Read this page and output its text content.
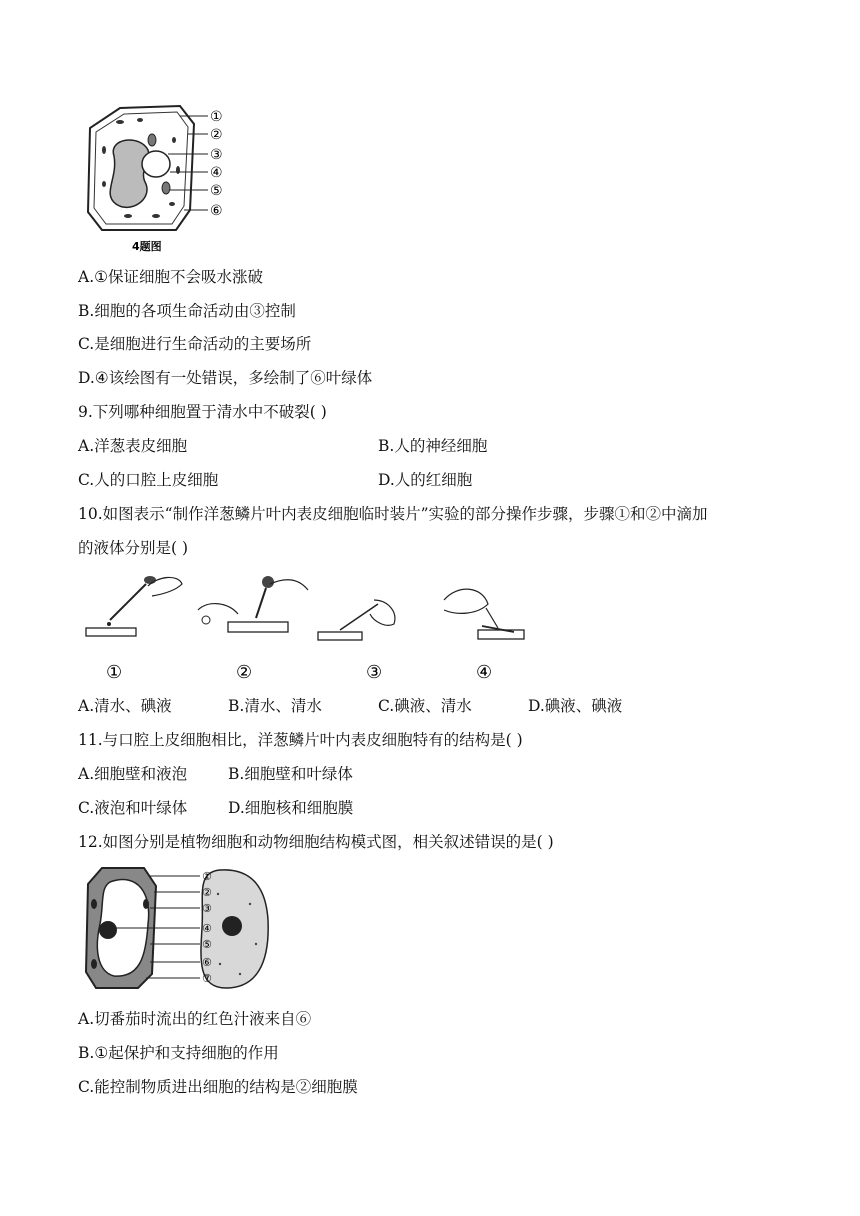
①
②
③
④
⑤
⑥
4题图
A.①保证细胞不会吸水涨破
B.细胞的各项生命活动由③控制
C.是细胞进行生命活动的主要场所
D.④该绘图有一处错误，多绘制了⑥叶绿体
9.下列哪种细胞置于清水中不破裂( )
A.洋葱表皮细胞	B.人的神经细胞
C.人的口腔上皮细胞	D.人的红细胞
10.如图表示“制作洋葱鳞片叶内表皮细胞临时装片”实验的部分操作步骤，步骤①和②中滴加
的液体分别是( )
①	②	③	④
A.清水、碘液	B.清水、清水	C.碘液、清水	D.碘液、碘液
11.与口腔上皮细胞相比，洋葱鳞片叶内表皮细胞特有的结构是( )
A.细胞壁和液泡	B.细胞壁和叶绿体
C.液泡和叶绿体	D.细胞核和细胞膜
12.如图分别是植物细胞和动物细胞结构模式图，相关叙述错误的是( )
①
②
③
④
⑤
⑥
⑦
A.切番茄时流出的红色汁液来自⑥
B.①起保护和支持细胞的作用
C.能控制物质进出细胞的结构是②细胞膜
